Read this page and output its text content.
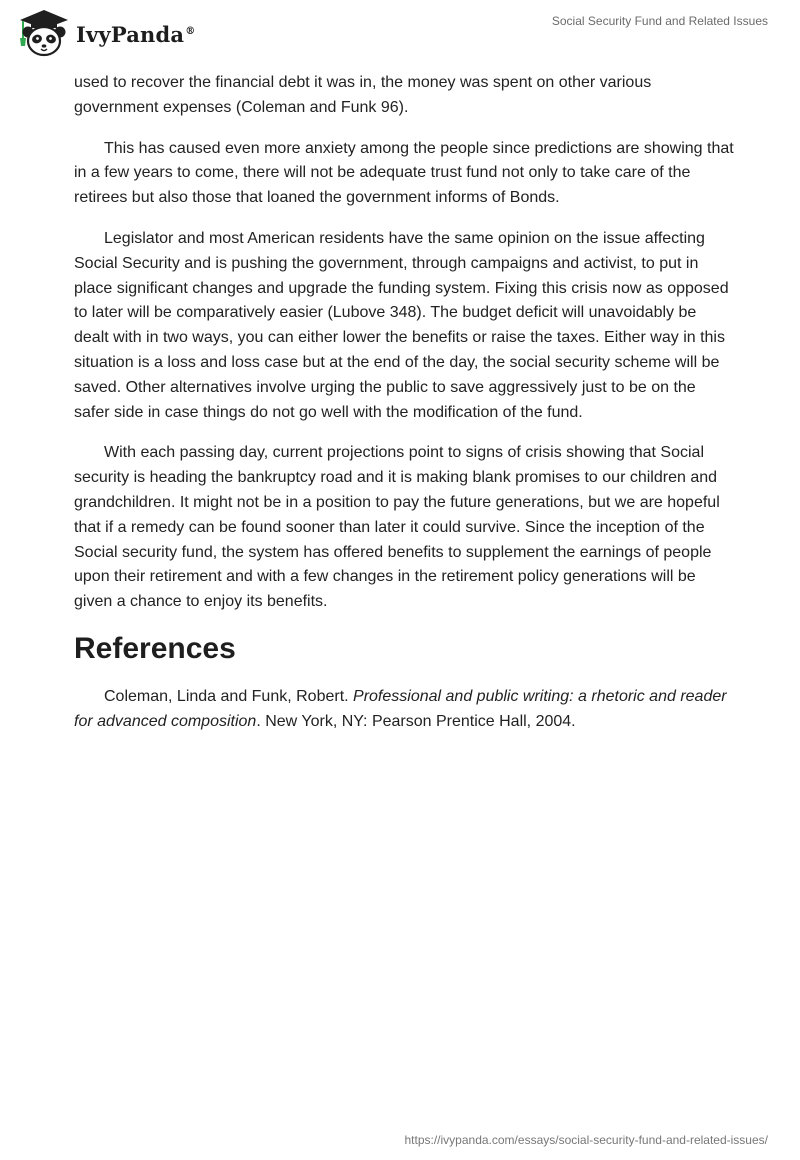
IvyPanda®
Social Security Fund and Related Issues

used to recover the financial debt it was in, the money was spent on other various government expenses (Coleman and Funk 96).

This has caused even more anxiety among the people since predictions are showing that in a few years to come, there will not be adequate trust fund not only to take care of the retirees but also those that loaned the government informs of Bonds.

Legislator and most American residents have the same opinion on the issue affecting Social Security and is pushing the government, through campaigns and activist, to put in place significant changes and upgrade the funding system. Fixing this crisis now as opposed to later will be comparatively easier (Lubove 348). The budget deficit will unavoidably be dealt with in two ways, you can either lower the benefits or raise the taxes. Either way in this situation is a loss and loss case but at the end of the day, the social security scheme will be saved. Other alternatives involve urging the public to save aggressively just to be on the safer side in case things do not go well with the modification of the fund.

With each passing day, current projections point to signs of crisis showing that Social security is heading the bankruptcy road and it is making blank promises to our children and grandchildren. It might not be in a position to pay the future generations, but we are hopeful that if a remedy can be found sooner than later it could survive. Since the inception of the Social security fund, the system has offered benefits to supplement the earnings of people upon their retirement and with a few changes in the retirement policy generations will be given a chance to enjoy its benefits.

References

Coleman, Linda and Funk, Robert. Professional and public writing: a rhetoric and reader for advanced composition. New York, NY: Pearson Prentice Hall, 2004.

https://ivypanda.com/essays/social-security-fund-and-related-issues/
